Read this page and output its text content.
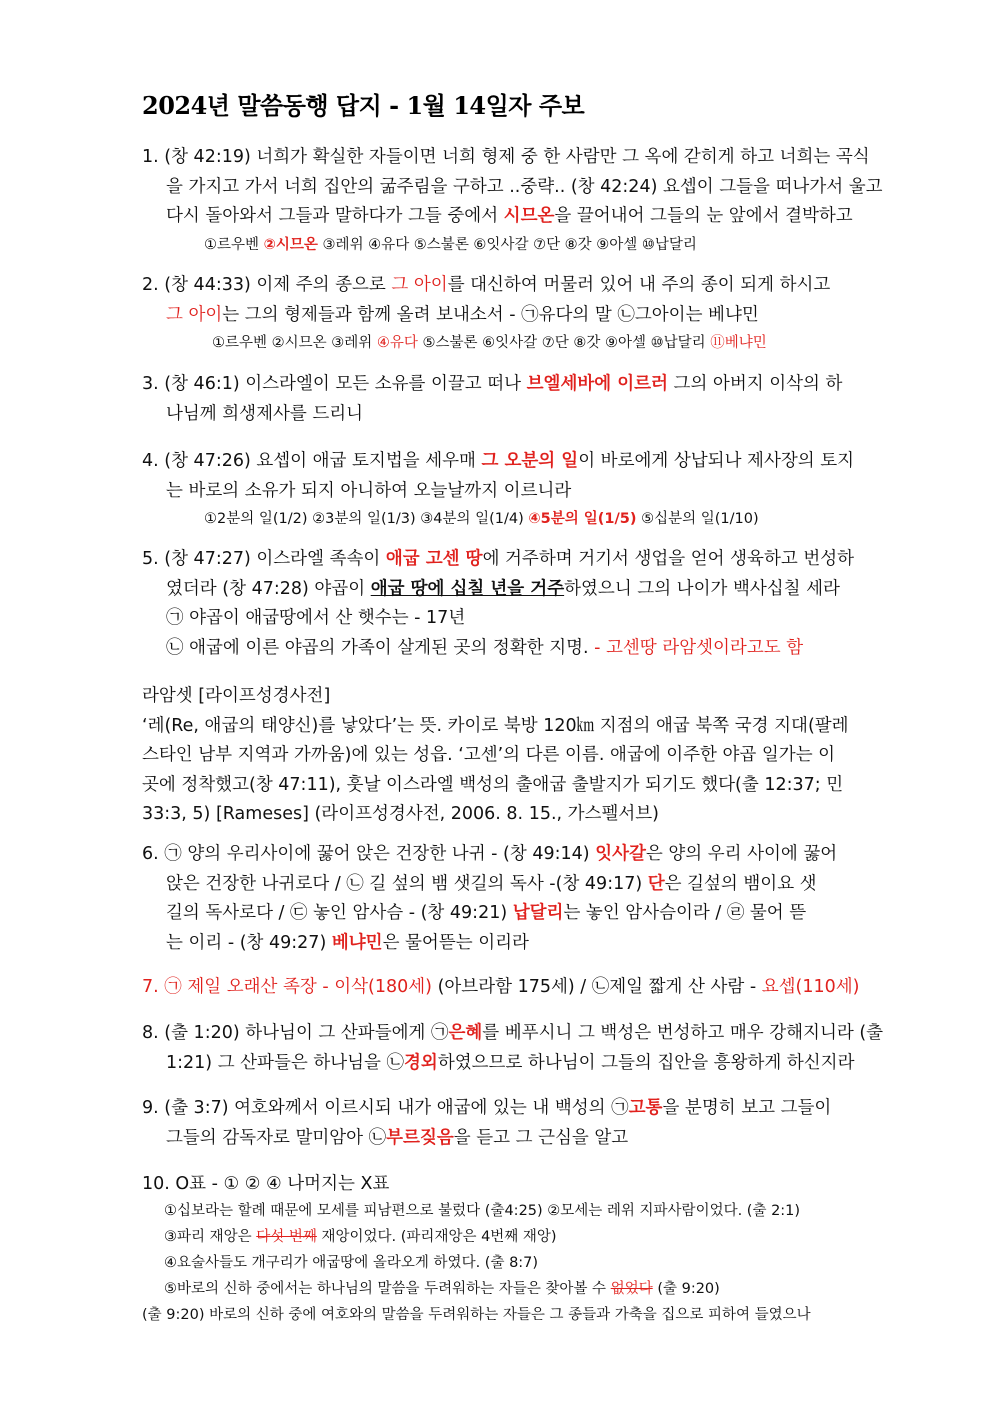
2024년 말씀동행 답지 - 1월 14일자 주보
1. (창 42:19) 너희가 확실한 자들이면 너희 형제 중 한 사람만 그 옥에 갇히게 하고 너희는 곡식
을 가지고 가서 너희 집안의 굶주림을 구하고 ..중략.. (창 42:24) 요셉이 그들을 떠나가서 울고
다시 돌아와서 그들과 말하다가 그들 중에서 시므온을 끌어내어 그들의 눈 앞에서 결박하고
①르우벤 ②시므온 ③레위 ④유다 ⑤스불론 ⑥잇사갈 ⑦단 ⑧갓 ⑨아셀 ⑩납달리
2. (창 44:33) 이제 주의 종으로 그 아이를 대신하여 머물러 있어 내 주의 종이 되게 하시고
그 아이는 그의 형제들과 함께 올려 보내소서 - ㉠유다의 말 ㉡그아이는 베냐민
①르우벤 ②시므온 ③레위 ④유다 ⑤스불론 ⑥잇사갈 ⑦단 ⑧갓 ⑨아셀 ⑩납달리 ⑪베냐민
3. (창 46:1) 이스라엘이 모든 소유를 이끌고 떠나 브엘세바에 이르러 그의 아버지 이삭의 하
나님께 희생제사를 드리니
4. (창 47:26) 요셉이 애굽 토지법을 세우매 그 오분의 일이 바로에게 상납되나 제사장의 토지
는 바로의 소유가 되지 아니하여 오늘날까지 이르니라
①2분의 일(1/2) ②3분의 일(1/3) ③4분의 일(1/4) ④5분의 일(1/5) ⑤십분의 일(1/10)
5. (창 47:27) 이스라엘 족속이 애굽 고센 땅에 거주하며 거기서 생업을 얻어 생육하고 번성하
였더라 (창 47:28) 야곱이 애굽 땅에 십칠 년을 거주하였으니 그의 나이가 백사십칠 세라
㉠ 야곱이 애굽땅에서 산 햇수는 - 17년
㉡ 애굽에 이른 야곱의 가족이 살게된 곳의 정확한 지명. - 고센땅 라암셋이라고도 함
라암셋 [라이프성경사전]
‘레(Re, 애굽의 태양신)를 낳았다’는 뜻. 카이로 북방 120㎞ 지점의 애굽 북쪽 국경 지대(팔레
스타인 남부 지역과 가까움)에 있는 성읍. ‘고센’의 다른 이름. 애굽에 이주한 야곱 일가는 이
곳에 정착했고(창 47:11), 훗날 이스라엘 백성의 출애굽 출발지가 되기도 했다(출 12:37; 민
33:3, 5) [Rameses] (라이프성경사전, 2006. 8. 15., 가스펠서브)
6. ㉠ 양의 우리사이에 꿇어 앉은 건장한 나귀 - (창 49:14) 잇사갈은 양의 우리 사이에 꿇어
앉은 건장한 나귀로다 / ㉡ 길 섶의 뱀 샛길의 독사 -(창 49:17) 단은 길섶의 뱀이요 샛
길의 독사로다 / ㉢ 놓인 암사슴 - (창 49:21) 납달리는 놓인 암사슴이라 / ㉣ 물어 뜯
는 이리 - (창 49:27) 베냐민은 물어뜯는 이리라
7. ㉠ 제일 오래산 족장 - 이삭(180세) (아브라함 175세) / ㉡제일 짧게 산 사람 - 요셉(110세)
8. (출 1:20) 하나님이 그 산파들에게 ㉠은혜를 베푸시니 그 백성은 번성하고 매우 강해지니라 (출
1:21) 그 산파들은 하나님을 ㉡경외하였으므로 하나님이 그들의 집안을 흥왕하게 하신지라
9. (출 3:7) 여호와께서 이르시되 내가 애굽에 있는 내 백성의 ㉠고통을 분명히 보고 그들이
그들의 감독자로 말미암아 ㉡부르짖음을 듣고 그 근심을 알고
10. O표 - ① ② ④ 나머지는 X표
①십보라는 할례 때문에 모세를 피남편으로 불렀다 (출4:25) ②모세는 레위 지파사람이었다. (출 2:1)
③파리 재앙은 다섯 번째 재앙이었다. (파리재앙은 4번째 재앙)
④요술사들도 개구리가 애굽땅에 올라오게 하였다. (출 8:7)
⑤바로의 신하 중에서는 하나님의 말씀을 두려워하는 자들은 찾아볼 수 없었다 (출 9:20)
(출 9:20) 바로의 신하 중에 여호와의 말씀을 두려워하는 자들은 그 종들과 가축을 집으로 피하여 들였으나
